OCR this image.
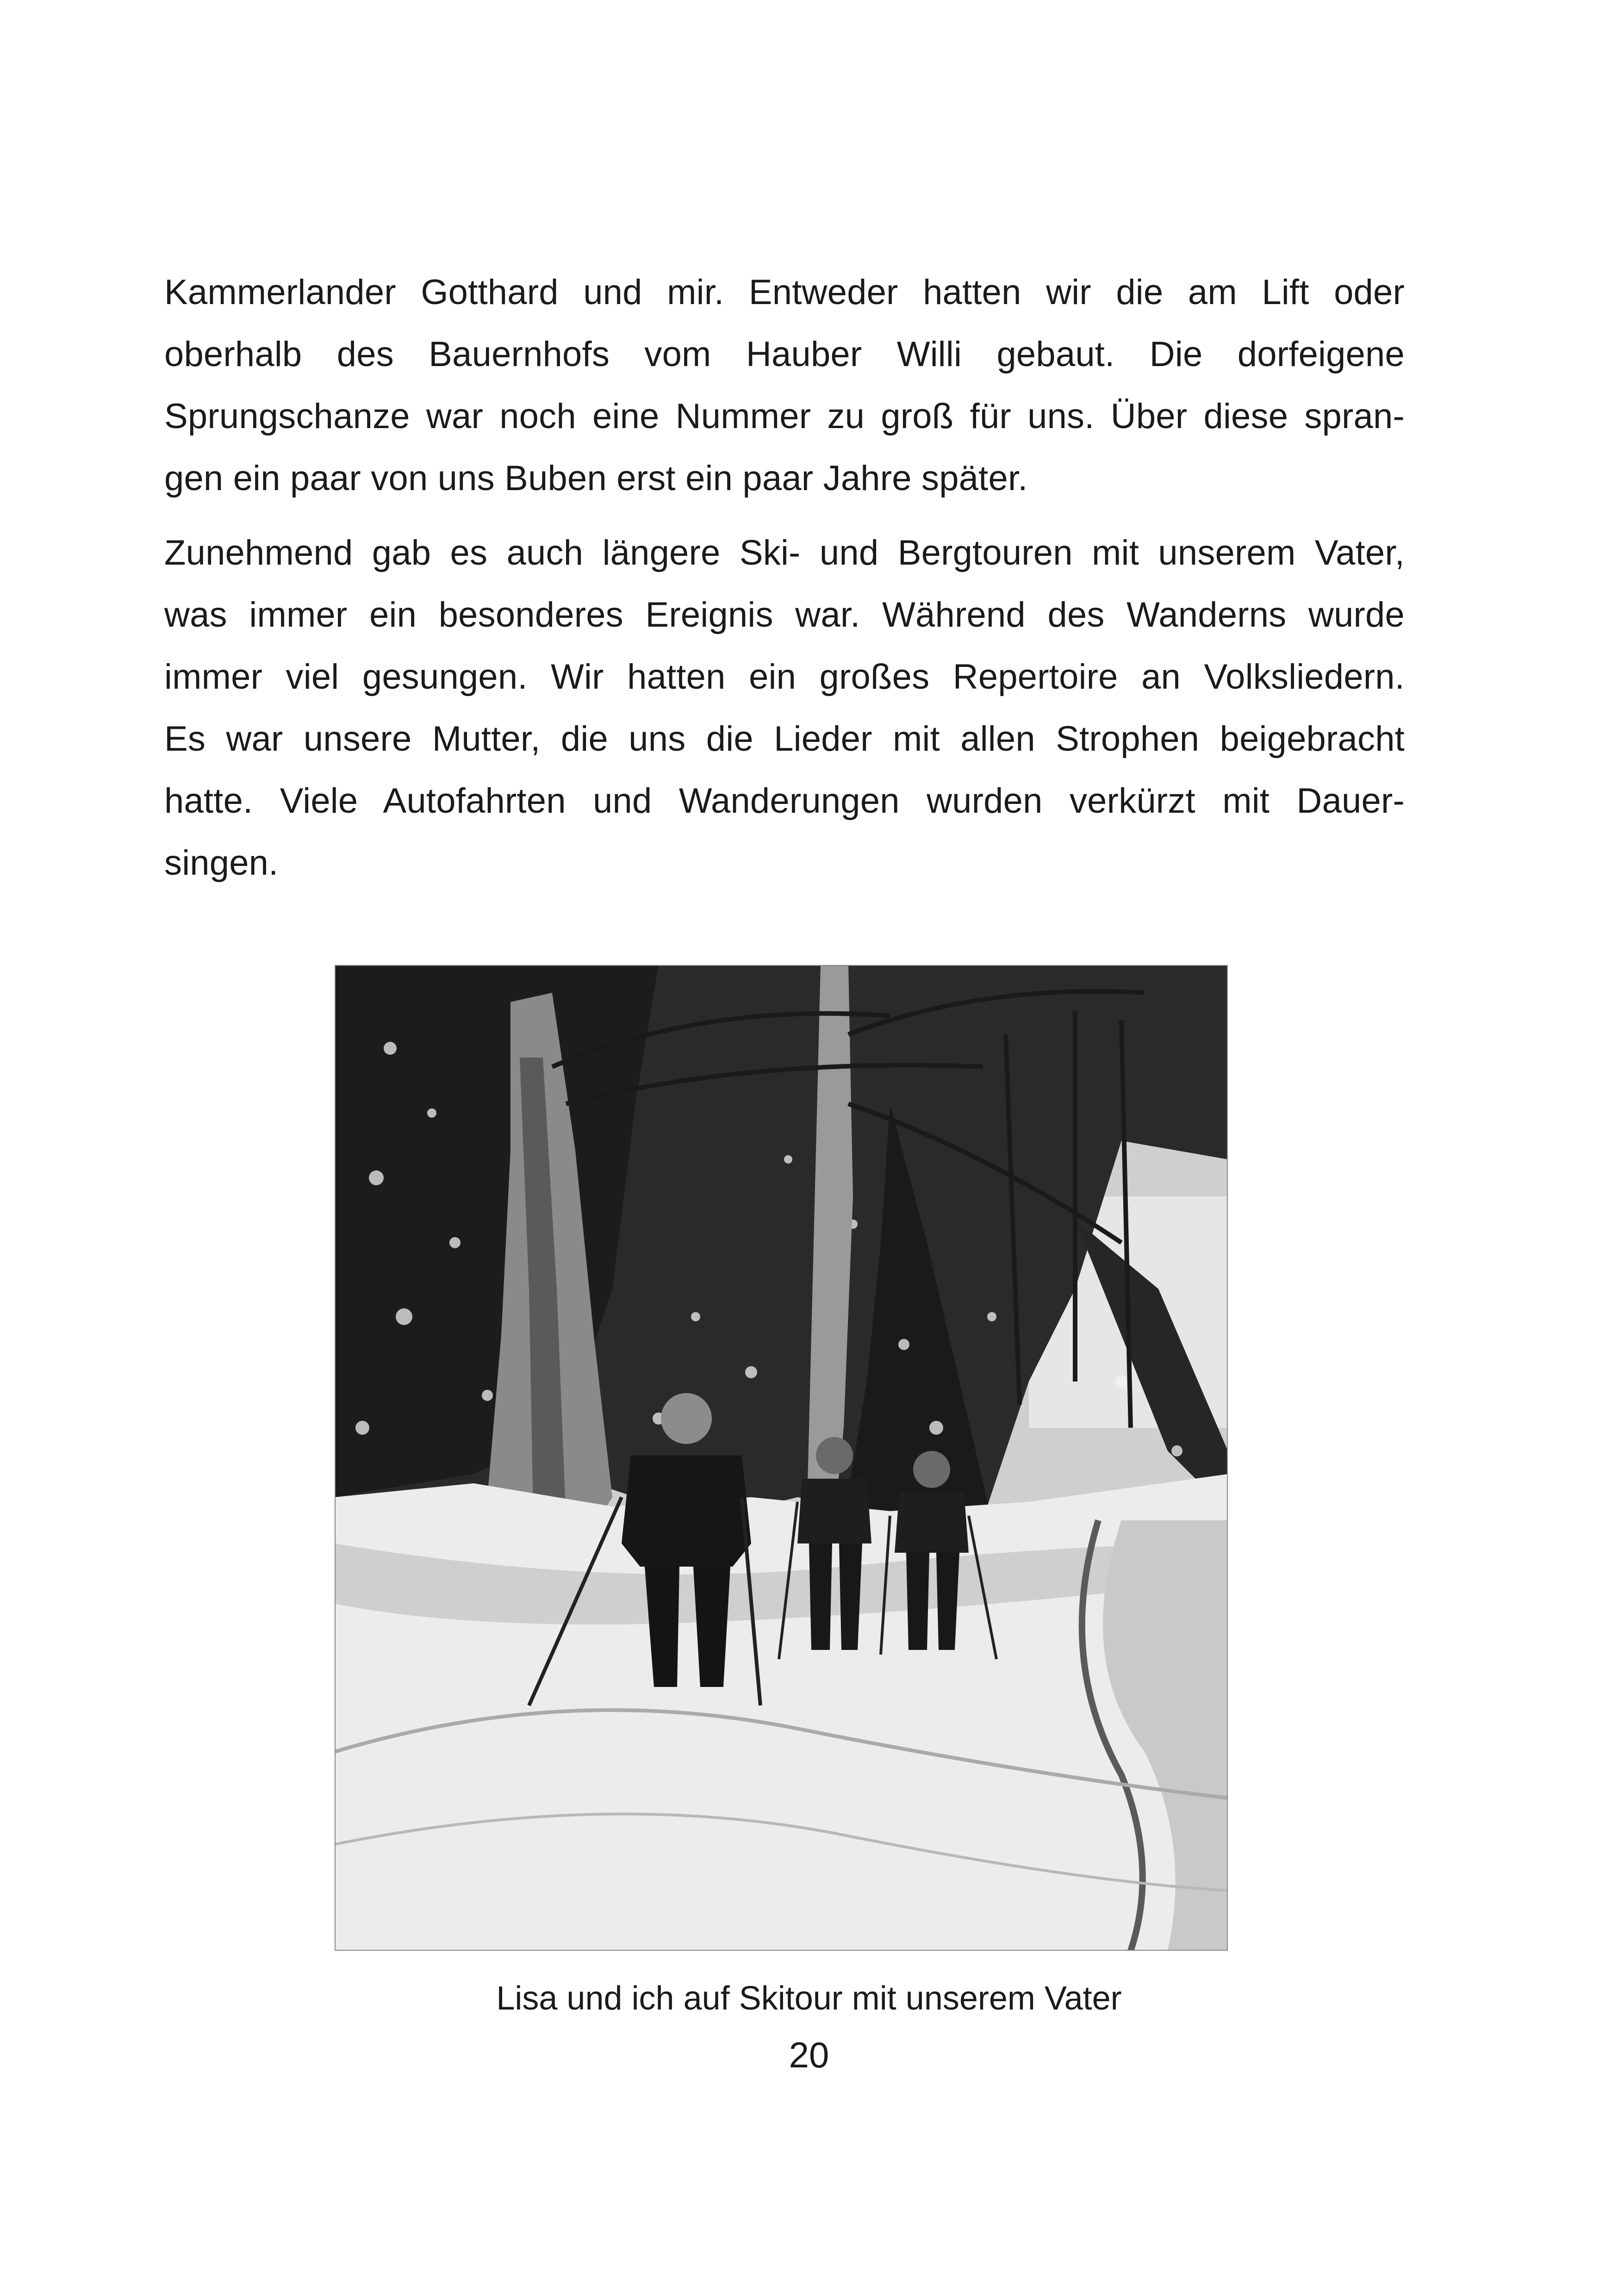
Kammerlander Gotthard und mir. Entweder hatten wir die am Lift oder
oberhalb des Bauernhofs vom Hauber Willi gebaut. Die dorfeigene
Sprungschanze war noch eine Nummer zu groß für uns. Über diese spran-
gen ein paar von uns Buben erst ein paar Jahre später.
Zunehmend gab es auch längere Ski- und Bergtouren mit unserem Vater,
was immer ein besonderes Ereignis war. Während des Wanderns wurde
immer viel gesungen. Wir hatten ein großes Repertoire an Volksliedern.
Es war unsere Mutter, die uns die Lieder mit allen Strophen beigebracht
hatte. Viele Autofahrten und Wanderungen wurden verkürzt mit Dauer-
singen.
Lisa und ich auf Skitour mit unserem Vater
20
